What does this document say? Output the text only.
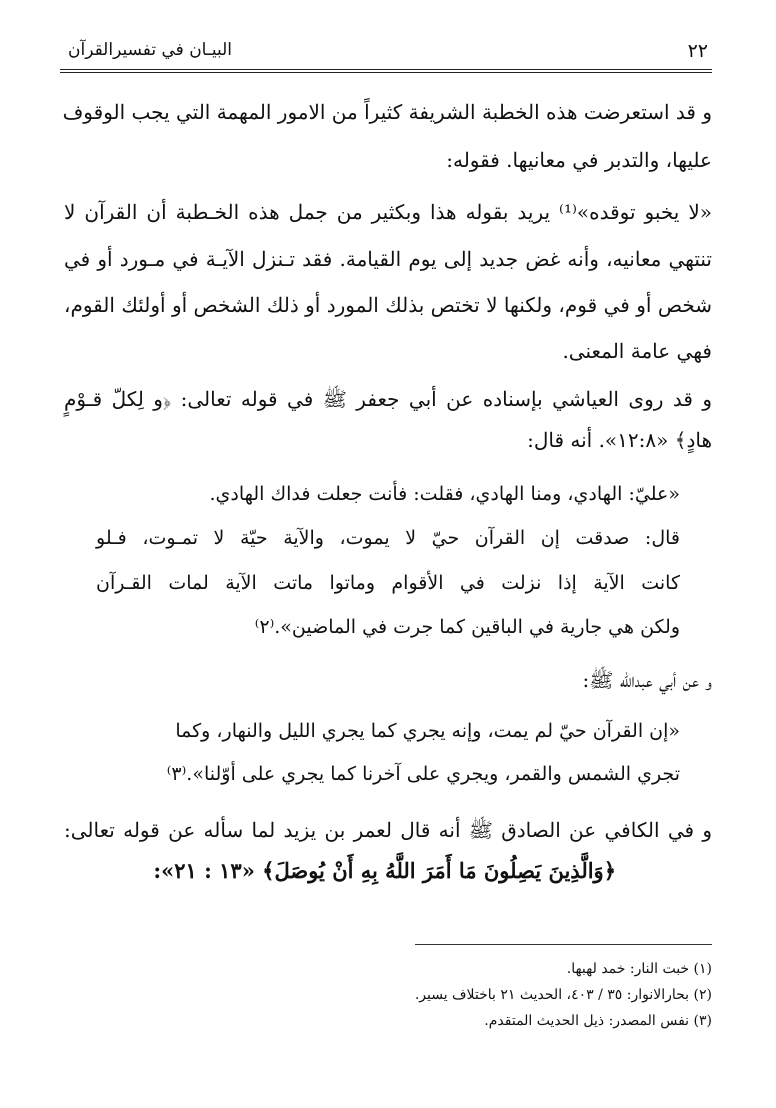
٢٢
البيـان في تفسيرالقرآن
و قد استعرضت هذه الخطبة الشريفة كثيراً من الامور المهمة التي يجب الوقوف
عليها، والتدبر في معانيها. فقوله:
«لا يخبو توقده»⁽¹⁾ يريد بقوله هذا وبكثير من جمل هذه الخـطبة أن القرآن لا
تنتهي معانيه، وأنه غض جديد إلى يوم القيامة. فقد تـنزل الآيـة في مـورد أو في
شخص أو في قوم، ولكنها لا تختص بذلك المورد أو ذلك الشخص أو أولئك القوم،
فهي عامة المعنى.
و قد روى العياشي بإسناده عن أبي جعفر ﷺ في قوله تعالى: ﴿و لِكلّ قـوْمٍ
هادٍ﴾ «١٢:٨». أنه قال:
«عليّ: الهادي، ومنا الهادي، فقلت: فأنت جعلت فداك الهادي.
قال: صدقت إن القرآن حيّ لا يموت، والآية حيّة لا تمـوت، فـلو
كانت الآية إذا نزلت في الأقوام وماتوا ماتت الآية لمات القـرآن
ولكن هي جارية في الباقين كما جرت في الماضين».⁽٢⁾
و عن أبي عبدالله ﷺ:
«إن القرآن حيّ لم يمت، وإنه يجري كما يجري الليل والنهار، وكما
تجري الشمس والقمر، ويجري على آخرنا كما يجري على أوّلنا».⁽٣⁾
و في الكافي عن الصادق ﷺ أنه قال لعمر بن يزيد لما سأله عن قوله تعالى:
﴿وَالَّذِينَ يَصِلُونَ مَا أَمَرَ اللَّهُ بِهِ أَنْ يُوصَلَ﴾ «١٣ : ٢١»:
(١) خبت النار: خمد لهبها.
(٢) بحارالانوار: ٣٥ / ٤٠٣، الحديث ٢١ باختلاف يسير.
(٣) نفس المصدر: ذيل الحديث المتقدم.
